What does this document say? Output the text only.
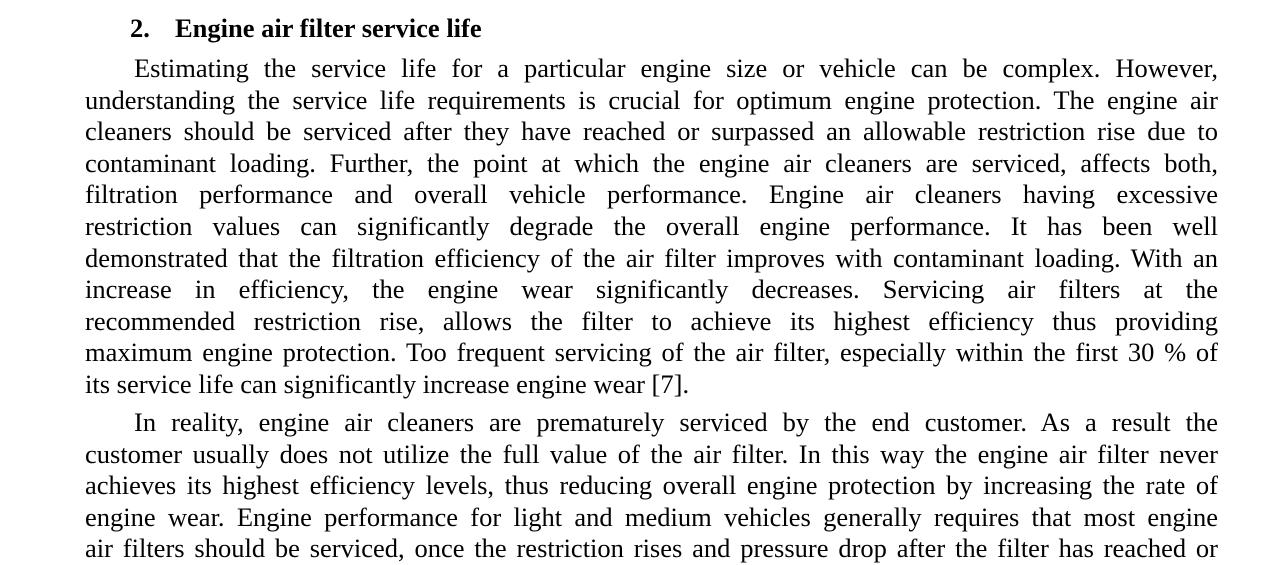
2. Engine air filter service life
Estimating the service life for a particular engine size or vehicle can be complex. However,
understanding the service life requirements is crucial for optimum engine protection. The engine air
cleaners should be serviced after they have reached or surpassed an allowable restriction rise due to
contaminant loading. Further, the point at which the engine air cleaners are serviced, affects both,
filtration performance and overall vehicle performance. Engine air cleaners having excessive
restriction values can significantly degrade the overall engine performance. It has been well
demonstrated that the filtration efficiency of the air filter improves with contaminant loading. With an
increase in efficiency, the engine wear significantly decreases. Servicing air filters at the
recommended restriction rise, allows the filter to achieve its highest efficiency thus providing
maximum engine protection. Too frequent servicing of the air filter, especially within the first 30 % of
its service life can significantly increase engine wear [7].
In reality, engine air cleaners are prematurely serviced by the end customer. As a result the
customer usually does not utilize the full value of the air filter. In this way the engine air filter never
achieves its highest efficiency levels, thus reducing overall engine protection by increasing the rate of
engine wear. Engine performance for light and medium vehicles generally requires that most engine
air filters should be serviced, once the restriction rises and pressure drop after the filter has reached or
